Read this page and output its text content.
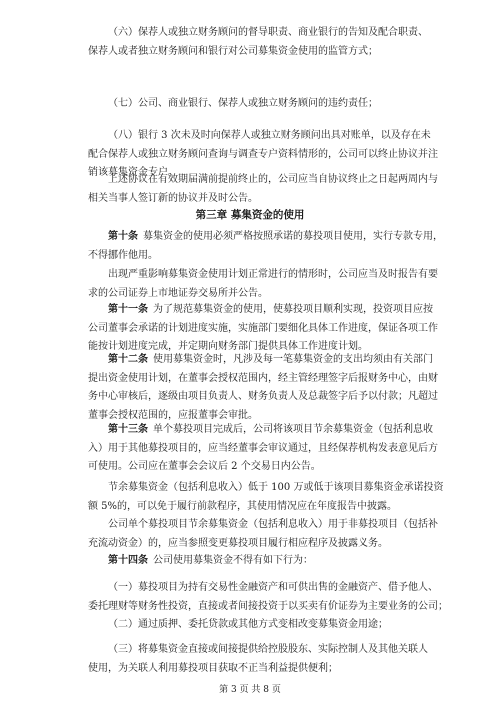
（六）保荐人或独立财务顾问的督导职责、商业银行的告知及配合职责、
保荐人或者独立财务顾问和银行对公司募集资金使用的监管方式；
（七）公司、商业银行、保荐人或独立财务顾问的违约责任；
（八）银行 3 次未及时向保荐人或独立财务顾问出具对账单，以及存在未
配合保荐人或独立财务顾问查询与调查专户资料情形的，公司可以终止协议并注
销该募集资金专户。
上述协议在有效期届满前提前终止的，公司应当自协议终止之日起两周内与
相关当事人签订新的协议并及时公告。
第三章 募集资金的使用
第十条  募集资金的使用必须严格按照承诺的募投项目使用，实行专款专用，
不得挪作他用。
出现严重影响募集资金使用计划正常进行的情形时，公司应当及时报告有要
求的公司证券上市地证券交易所并公告。
第十一条  为了规范募集资金的使用，使募投项目顺利实现，投资项目应按
公司董事会承诺的计划进度实施，实施部门要细化具体工作进度，保证各项工作
能按计划进度完成，并定期向财务部门提供具体工作进度计划。
第十二条  使用募集资金时，凡涉及每一笔募集资金的支出均须由有关部门
提出资金使用计划，在董事会授权范围内，经主管经理签字后报财务中心，由财
务中心审核后，逐级由项目负责人、财务负责人及总裁签字后予以付款；凡超过
董事会授权范围的，应报董事会审批。
第十三条  单个募投项目完成后，公司将该项目节余募集资金（包括利息收
入）用于其他募投项目的，应当经董事会审议通过，且经保荐机构发表意见后方
可使用。公司应在董事会会议后 2 个交易日内公告。
节余募集资金（包括利息收入）低于 100 万或低于该项目募集资金承诺投资
额 5%的，可以免于履行前款程序，其使用情况应在年度报告中披露。
公司单个募投项目节余募集资金（包括利息收入）用于非募投项目（包括补
充流动资金）的，应当参照变更募投项目履行相应程序及披露义务。
第十四条  公司使用募集资金不得有如下行为：
（一）募投项目为持有交易性金融资产和可供出售的金融资产、借予他人、
委托理财等财务性投资，直接或者间接投资于以买卖有价证券为主要业务的公司；
（二）通过质押、委托贷款或其他方式变相改变募集资金用途；
（三）将募集资金直接或间接提供给控股股东、实际控制人及其他关联人
使用，为关联人利用募投项目获取不正当利益提供便利；
第 3 页 共 8 页
